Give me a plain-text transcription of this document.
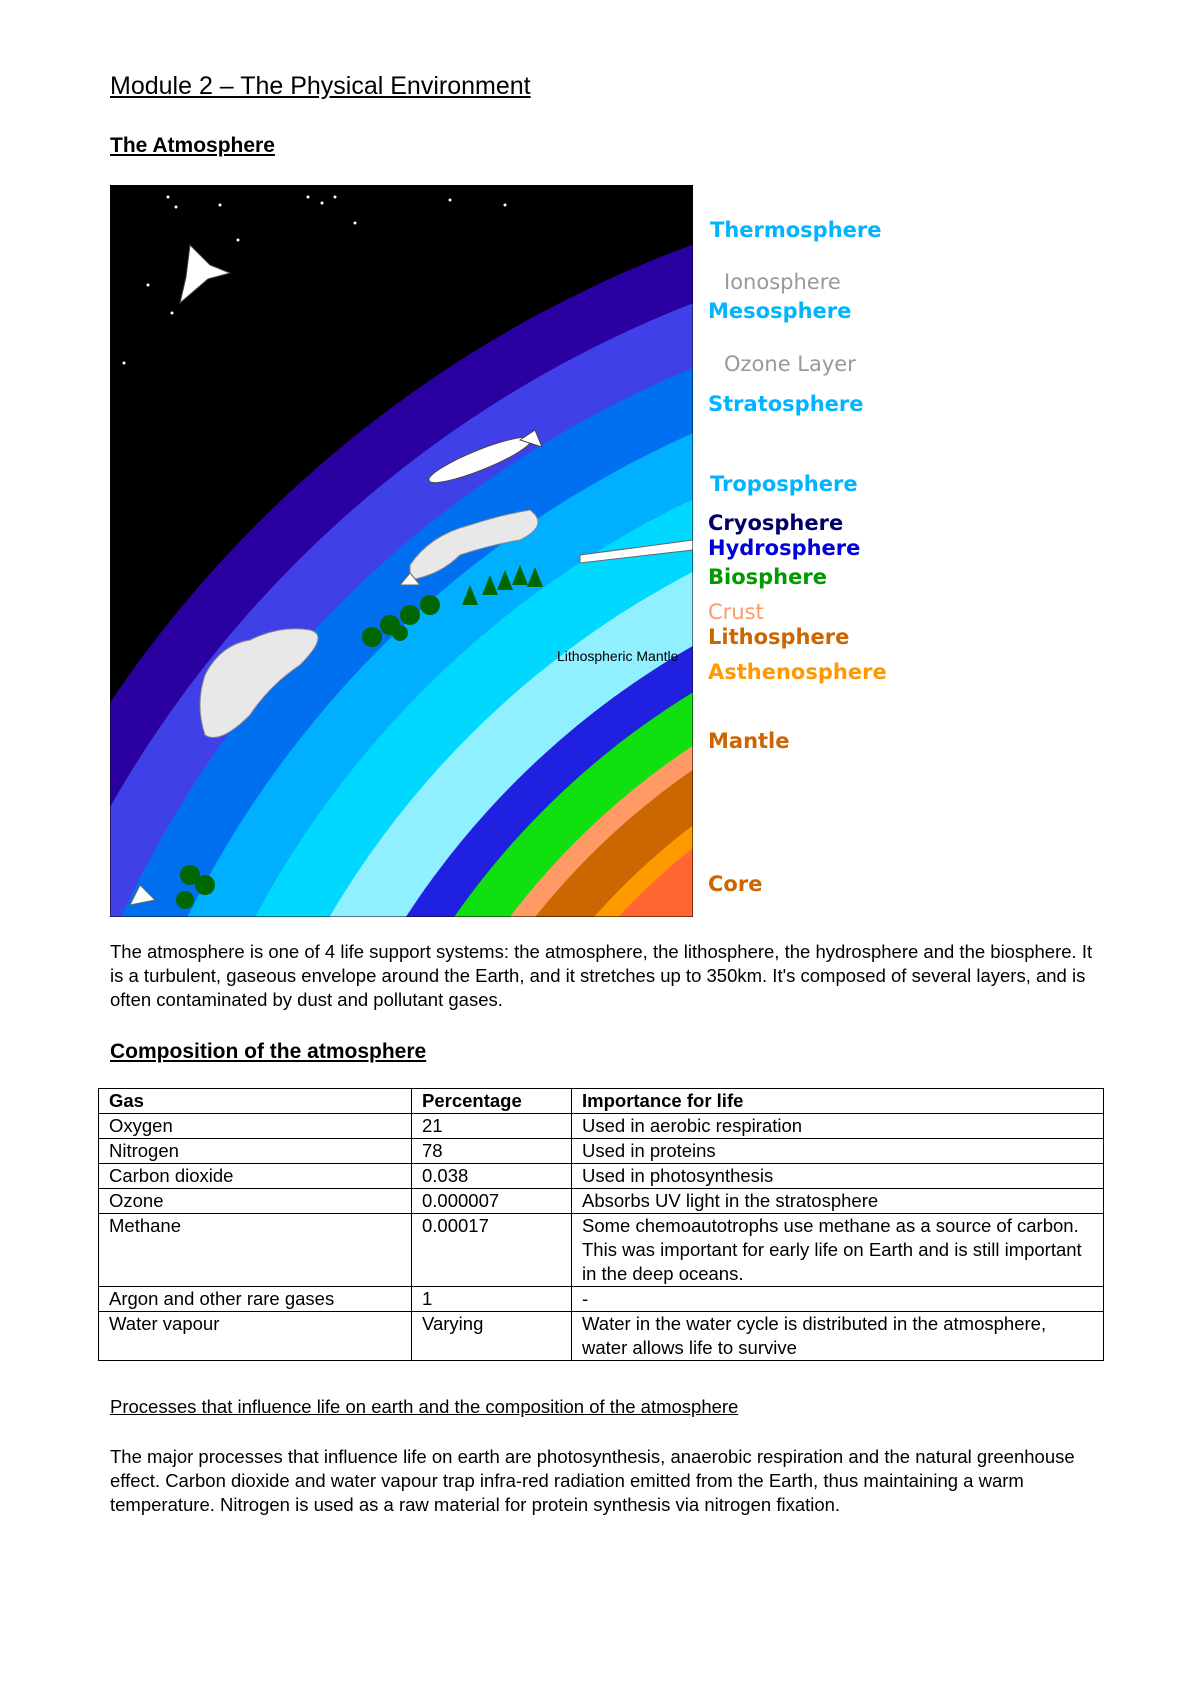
Module 2 – The Physical Environment
The Atmosphere
Lithospheric Mantle
Thermosphere
Ionosphere
Mesosphere
Ozone Layer
Stratosphere
Troposphere
Cryosphere
Hydrosphere
Biosphere
Crust
Lithosphere
Asthenosphere
Mantle
Core
The atmosphere is one of 4 life support systems: the atmosphere, the lithosphere, the hydrosphere and the biosphere. It is a turbulent, gaseous envelope around the Earth, and it stretches up to 350km. It's composed of several layers, and is often contaminated by dust and pollutant gases.
Composition of the atmosphere
Gas	Percentage	Importance for life
Oxygen	21	Used in aerobic respiration
Nitrogen	78	Used in proteins
Carbon dioxide	0.038	Used in photosynthesis
Ozone	0.000007	Absorbs UV light in the stratosphere
Methane	0.00017	Some chemoautotrophs use methane as a source of carbon. This was important for early life on Earth and is still important in the deep oceans.
Argon and other rare gases	1	-
Water vapour	Varying	Water in the water cycle is distributed in the atmosphere, water allows life to survive
Processes that influence life on earth and the composition of the atmosphere
The major processes that influence life on earth are photosynthesis, anaerobic respiration and the natural greenhouse effect. Carbon dioxide and water vapour trap infra-red radiation emitted from the Earth, thus maintaining a warm temperature. Nitrogen is used as a raw material for protein synthesis via nitrogen fixation.
